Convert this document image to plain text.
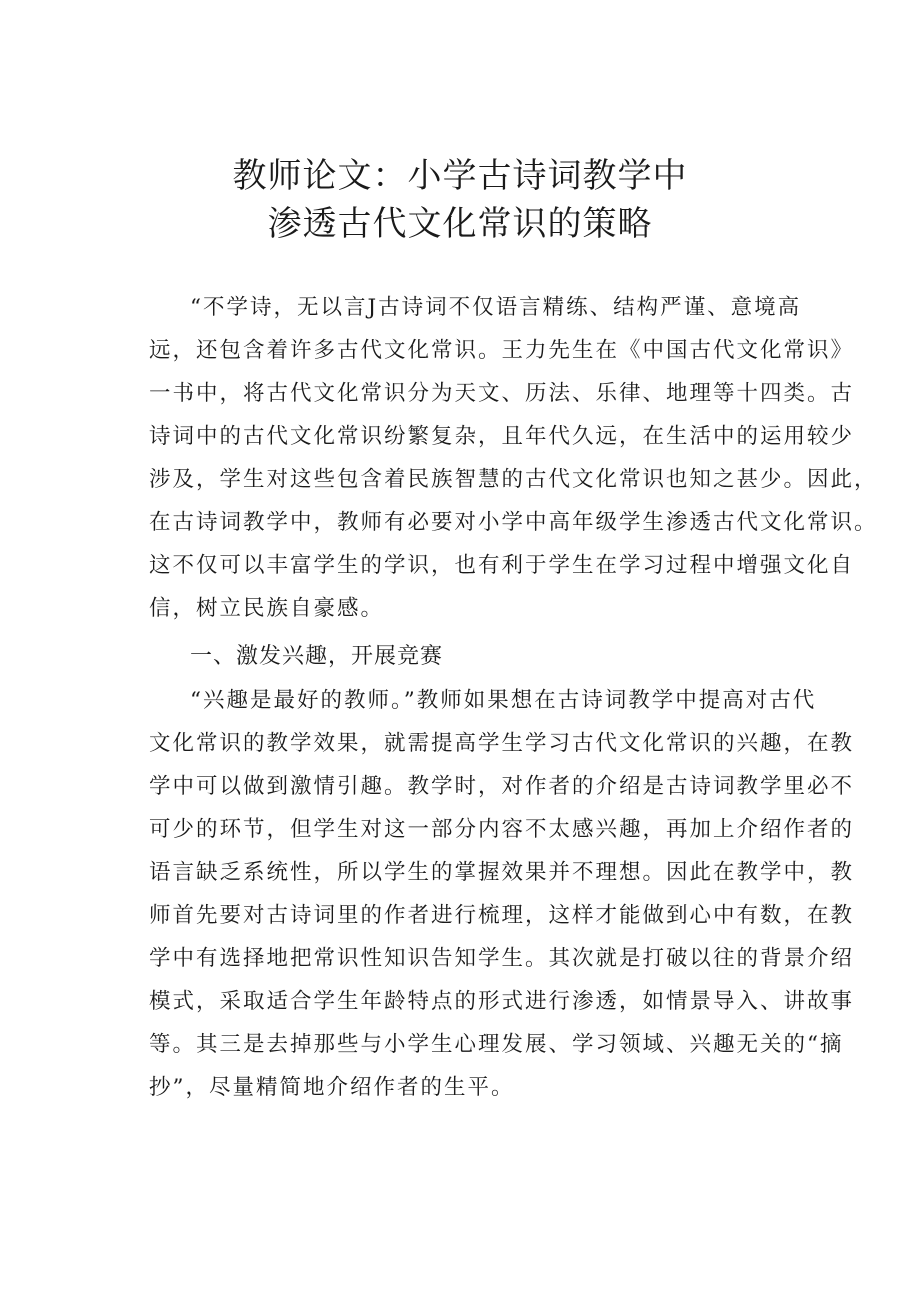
教师论文：小学古诗词教学中
渗透古代文化常识的策略
“不学诗，无以言J古诗词不仅语言精练、结构严谨、意境高
远，还包含着许多古代文化常识。王力先生在《中国古代文化常识》
一书中，将古代文化常识分为天文、历法、乐律、地理等十四类。古
诗词中的古代文化常识纷繁复杂，且年代久远，在生活中的运用较少
涉及，学生对这些包含着民族智慧的古代文化常识也知之甚少。因此，
在古诗词教学中，教师有必要对小学中高年级学生渗透古代文化常识。
这不仅可以丰富学生的学识，也有利于学生在学习过程中增强文化自
信，树立民族自豪感。
一、激发兴趣，开展竞赛
“兴趣是最好的教师。”教师如果想在古诗词教学中提高对古代
文化常识的教学效果，就需提高学生学习古代文化常识的兴趣，在教
学中可以做到激情引趣。教学时，对作者的介绍是古诗词教学里必不
可少的环节，但学生对这一部分内容不太感兴趣，再加上介绍作者的
语言缺乏系统性，所以学生的掌握效果并不理想。因此在教学中，教
师首先要对古诗词里的作者进行梳理，这样才能做到心中有数，在教
学中有选择地把常识性知识告知学生。其次就是打破以往的背景介绍
模式，采取适合学生年龄特点的形式进行渗透，如情景导入、讲故事
等。其三是去掉那些与小学生心理发展、学习领域、兴趣无关的“摘
抄”，尽量精简地介绍作者的生平。
